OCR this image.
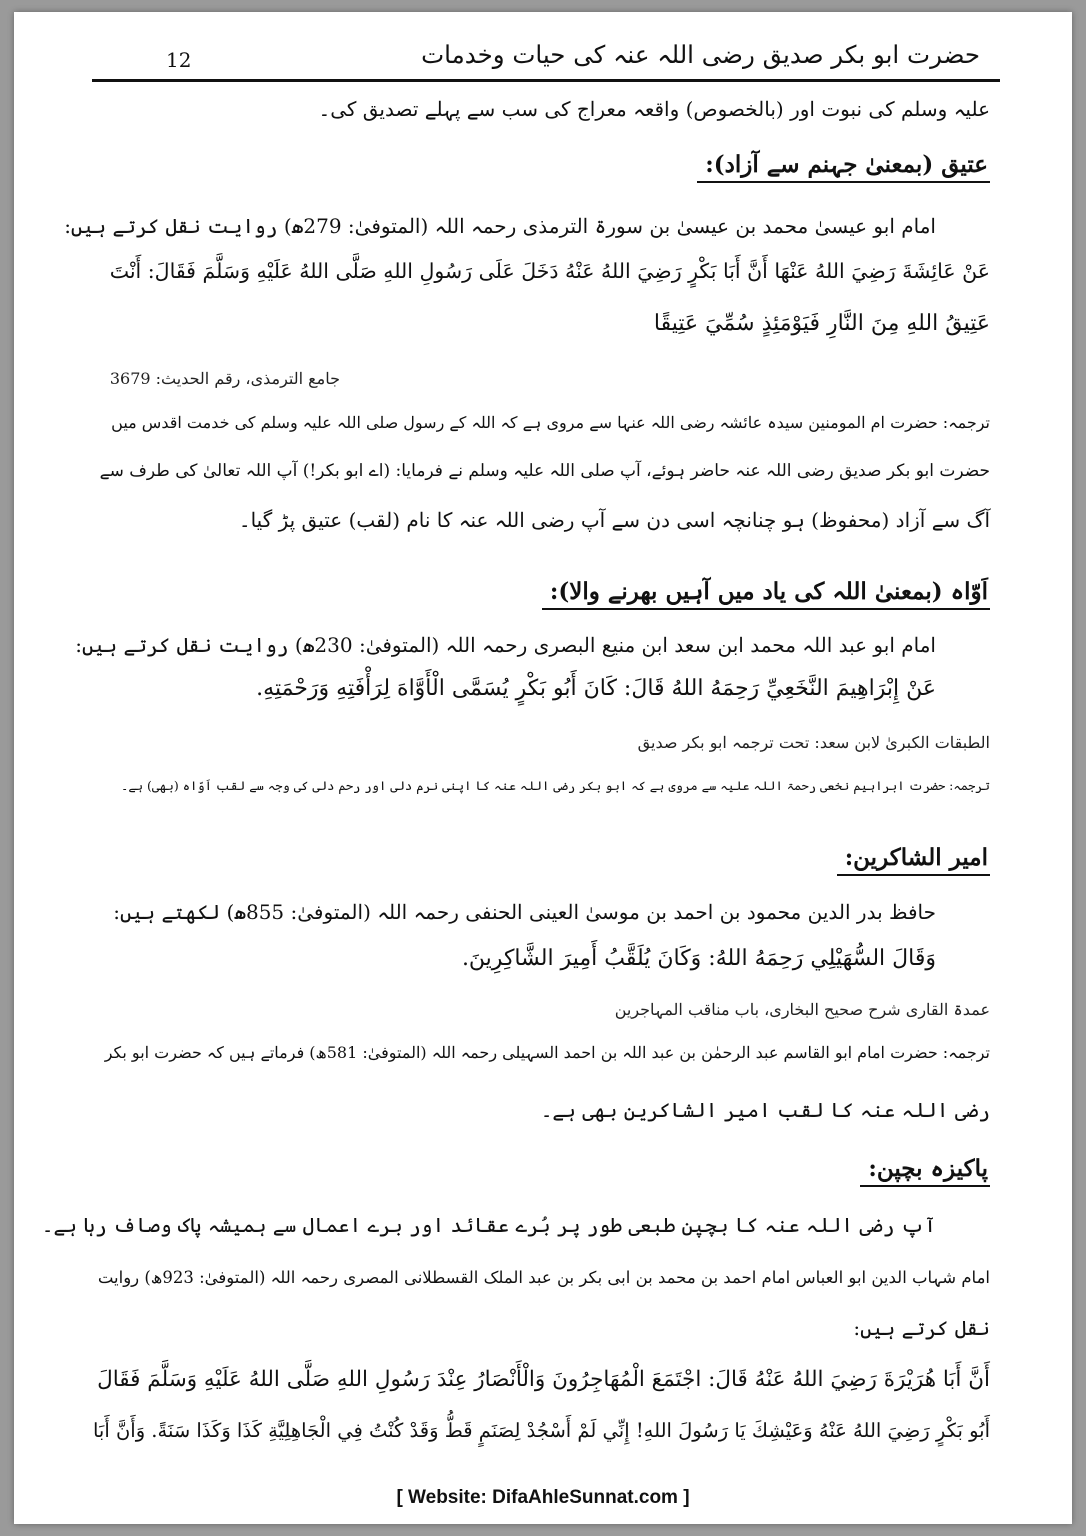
حضرت ابو بکر صدیق رضی اللہ عنہ کی حیات وخدمات
12
علیہ وسلم کی نبوت اور (بالخصوص) واقعہ معراج کی سب سے پہلے تصدیق کی۔
عتیق (بمعنیٰ جہنم سے آزاد):
امام ابو عیسیٰ محمد بن عیسیٰ بن سورۃ الترمذی رحمہ اللہ (المتوفیٰ: 279ھ) روایت نقل کرتے ہیں:
عَنْ عَائِشَةَ رَضِيَ اللهُ عَنْهَا أَنَّ أَبَا بَكْرٍ رَضِيَ اللهُ عَنْهُ دَخَلَ عَلَى رَسُولِ اللهِ صَلَّى اللهُ عَلَيْهِ وَسَلَّمَ فَقَالَ: أَنْتَ
عَتِيقُ اللهِ مِنَ النَّارِ فَيَوْمَئِذٍ سُمِّيَ عَتِيقًا
جامع الترمذی، رقم الحدیث: 3679
ترجمہ: حضرت ام المومنین سیدہ عائشہ رضی اللہ عنہا سے مروی ہے کہ اللہ کے رسول صلی اللہ علیہ وسلم کی خدمت اقدس میں
حضرت ابو بکر صدیق رضی اللہ عنہ حاضر ہوئے، آپ صلی اللہ علیہ وسلم نے فرمایا: (اے ابو بکر!) آپ اللہ تعالیٰ کی طرف سے
آگ سے آزاد (محفوظ) ہو چنانچہ اسی دن سے آپ رضی اللہ عنہ کا نام (لقب) عتیق پڑ گیا۔
اَوّاہ (بمعنیٰ اللہ کی یاد میں آہیں بھرنے والا):
امام ابو عبد اللہ محمد ابن سعد ابن منیع البصری رحمہ اللہ (المتوفیٰ: 230ھ) روایت نقل کرتے ہیں:
عَنْ إِبْرَاهِيمَ النَّخَعِيِّ رَحِمَهُ اللهُ قَالَ: كَانَ أَبُو بَكْرٍ يُسَمَّى الْأَوَّاهَ لِرَأْفَتِهِ وَرَحْمَتِهِ.
الطبقات الکبریٰ لابن سعد: تحت ترجمہ ابو بکر صدیق
ترجمہ: حضرت ابراہیم نخعی رحمۃ اللہ علیہ سے مروی ہے کہ ابو بکر رضی اللہ عنہ کا اپنی نرم دلی اور رحم دلی کی وجہ سے لقب اَوّاہ (بھی) ہے۔
امیر الشاکرین:
حافظ بدر الدین محمود بن احمد بن موسیٰ العینی الحنفی رحمہ اللہ (المتوفیٰ: 855ھ) لکھتے ہیں:
وَقَالَ السُّهَيْلِي رَحِمَهُ اللهُ: وَكَانَ يُلَقَّبُ أَمِيرَ الشَّاكِرِينَ.
عمدۃ القاری شرح صحیح البخاری، باب مناقب المہاجرین
ترجمہ: حضرت امام ابو القاسم عبد الرحمٰن بن عبد اللہ بن احمد السہیلی رحمہ اللہ (المتوفیٰ: 581ھ) فرماتے ہیں کہ حضرت ابو بکر
رضی اللہ عنہ کا لقب امیر الشاکرین بھی ہے۔
پاکیزہ بچپن:
آپ رضی اللہ عنہ کا بچپن طبعی طور پر بُرے عقائد اور برے اعمال سے ہمیشہ پاک وصاف رہا ہے۔
امام شہاب الدین ابو العباس امام احمد بن محمد بن ابی بکر بن عبد الملک القسطلانی المصری رحمہ اللہ (المتوفیٰ: 923ھ) روایت
نقل کرتے ہیں:
أَنَّ أَبَا هُرَيْرَةَ رَضِيَ اللهُ عَنْهُ قَالَ: اجْتَمَعَ الْمُهَاجِرُونَ وَالْأَنْصَارُ عِنْدَ رَسُولِ اللهِ صَلَّى اللهُ عَلَيْهِ وَسَلَّمَ فَقَالَ
أَبُو بَكْرٍ رَضِيَ اللهُ عَنْهُ وَعَيْشِكَ يَا رَسُولَ اللهِ! إِنِّي لَمْ أَسْجُدْ لِصَنَمٍ قَطُّ وَقَدْ كُنْتُ فِي الْجَاهِلِيَّةِ كَذَا وَكَذَا سَنَةً. وَأَنَّ أَبَا
[ Website: DifaAhleSunnat.com ]
